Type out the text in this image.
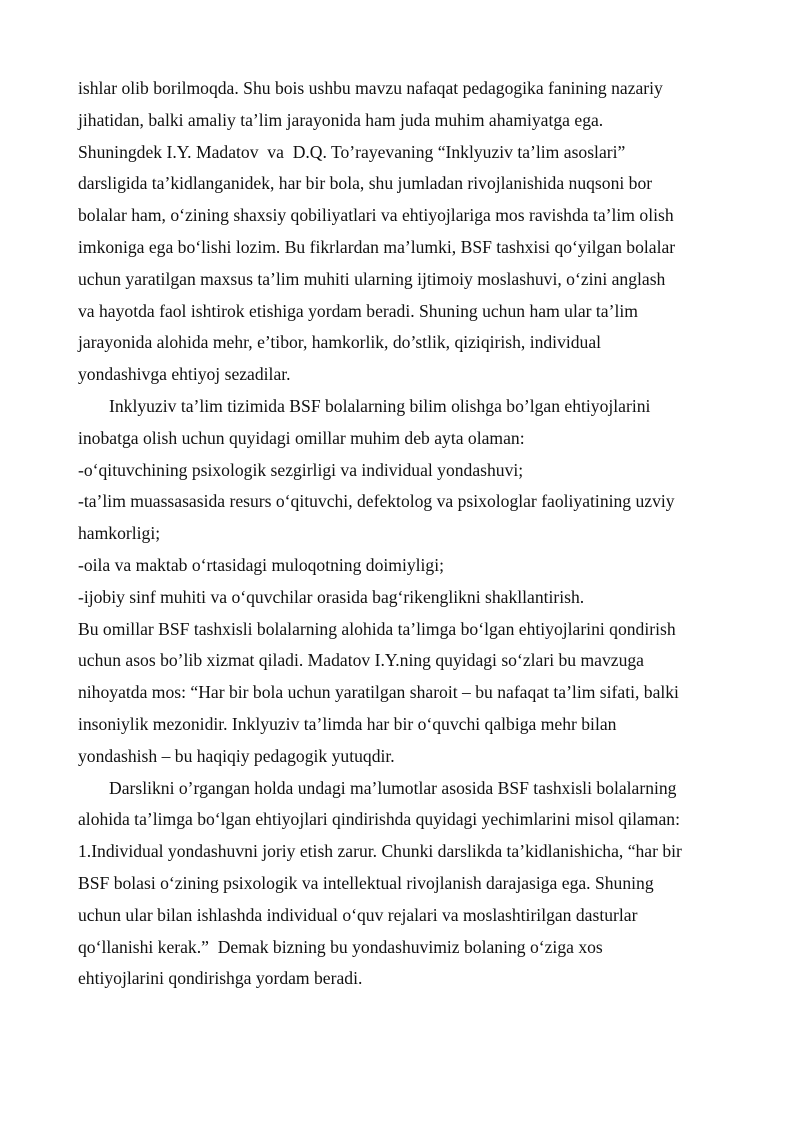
ishlar olib borilmoqda. Shu bois ushbu mavzu nafaqat pedagogika fanining nazariy
jihatidan, balki amaliy ta’lim jarayonida ham juda muhim ahamiyatga ega.
Shuningdek I.Y. Madatov  va  D.Q. To’rayevaning “Inklyuziv ta’lim asoslari”
darsligida ta’kidlanganidek, har bir bola, shu jumladan rivojlanishida nuqsoni bor
bolalar ham, o‘zining shaxsiy qobiliyatlari va ehtiyojlariga mos ravishda ta’lim olish
imkoniga ega bo‘lishi lozim. Bu fikrlardan ma’lumki, BSF tashxisi qo‘yilgan bolalar
uchun yaratilgan maxsus ta’lim muhiti ularning ijtimoiy moslashuvi, o‘zini anglash
va hayotda faol ishtirok etishiga yordam beradi. Shuning uchun ham ular ta’lim
jarayonida alohida mehr, e’tibor, hamkorlik, do’stlik, qiziqirish, individual
yondashivga ehtiyoj sezadilar.
Inklyuziv ta’lim tizimida BSF bolalarning bilim olishga bo’lgan ehtiyojlarini
inobatga olish uchun quyidagi omillar muhim deb ayta olaman:
-o‘qituvchining psixologik sezgirligi va individual yondashuvi;
-ta’lim muassasasida resurs o‘qituvchi, defektolog va psixologlar faoliyatining uzviy
hamkorligi;
-oila va maktab o‘rtasidagi muloqotning doimiyligi;
-ijobiy sinf muhiti va o‘quvchilar orasida bag‘rikenglikni shakllantirish.
Bu omillar BSF tashxisli bolalarning alohida ta’limga bo‘lgan ehtiyojlarini qondirish
uchun asos bo’lib xizmat qiladi. Madatov I.Y.ning quyidagi so‘zlari bu mavzuga
nihoyatda mos: “Har bir bola uchun yaratilgan sharoit – bu nafaqat ta’lim sifati, balki
insoniylik mezonidir. Inklyuziv ta’limda har bir o‘quvchi qalbiga mehr bilan
yondashish – bu haqiqiy pedagogik yutuqdir.
Darslikni o’rgangan holda undagi ma’lumotlar asosida BSF tashxisli bolalarning
alohida ta’limga bo‘lgan ehtiyojlari qindirishda quyidagi yechimlarini misol qilaman:
1.Individual yondashuvni joriy etish zarur. Chunki darslikda ta’kidlanishicha, “har bir
BSF bolasi o‘zining psixologik va intellektual rivojlanish darajasiga ega. Shuning
uchun ular bilan ishlashda individual o‘quv rejalari va moslashtirilgan dasturlar
qo‘llanishi kerak.”  Demak bizning bu yondashuvimiz bolaning o‘ziga xos
ehtiyojlarini qondirishga yordam beradi.
